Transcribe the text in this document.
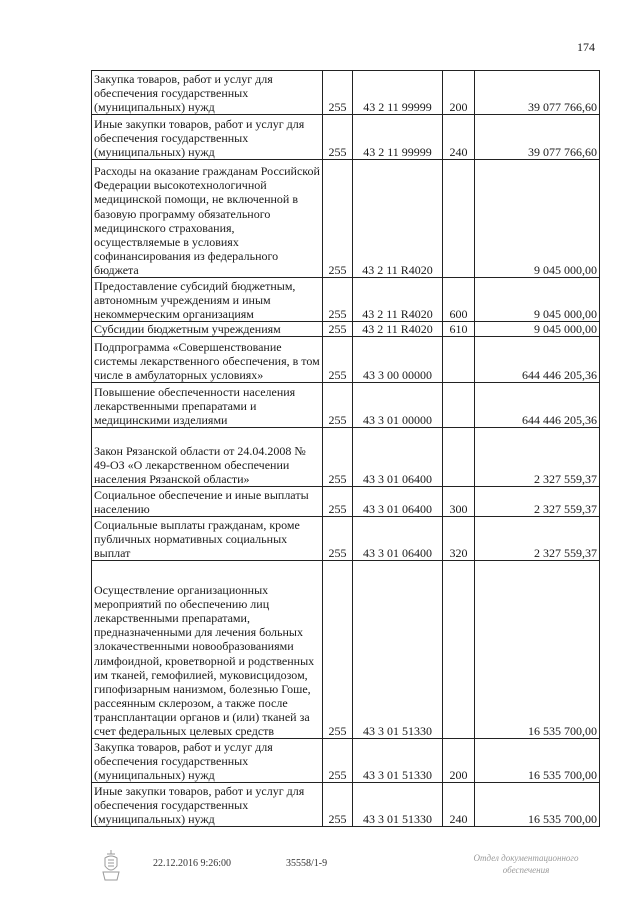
174
Закупка товаров, работ и услуг для обеспечения государственных (муниципальных) нужд	255	43 2 11 99999	200	39 077 766,60
Иные закупки товаров, работ и услуг для обеспечения государственных (муниципальных) нужд	255	43 2 11 99999	240	39 077 766,60
Расходы на оказание гражданам Российской Федерации высокотехнологичной медицинской помощи, не включенной в базовую программу обязательного медицинского страхования, осуществляемые в условиях софинансирования из федерального бюджета	255	43 2 11 R4020		9 045 000,00
Предоставление субсидий бюджетным, автономным учреждениям и иным некоммерческим организациям	255	43 2 11 R4020	600	9 045 000,00
Субсидии бюджетным учреждениям	255	43 2 11 R4020	610	9 045 000,00
Подпрограмма «Совершенствование системы лекарственного обеспечения, в том числе в амбулаторных условиях»	255	43 3 00 00000		644 446 205,36
Повышение обеспеченности населения лекарственными препаратами и медицинскими изделиями	255	43 3 01 00000		644 446 205,36
Закон Рязанской области от 24.04.2008 № 49-ОЗ «О лекарственном обеспечении населения Рязанской области»	255	43 3 01 06400		2 327 559,37
Социальное обеспечение и иные выплаты населению	255	43 3 01 06400	300	2 327 559,37
Социальные выплаты гражданам, кроме публичных нормативных социальных выплат	255	43 3 01 06400	320	2 327 559,37
Осуществление организационных мероприятий по обеспечению лиц лекарственными препаратами, предназначенными для лечения больных злокачественными новообразованиями лимфоидной, кроветворной и родственных им тканей, гемофилией, муковисцидозом, гипофизарным нанизмом, болезнью Гоше, рассеянным склерозом, а также после трансплантации органов и (или) тканей за счет федеральных целевых средств	255	43 3 01 51330		16 535 700,00
Закупка товаров, работ и услуг для обеспечения государственных (муниципальных) нужд	255	43 3 01 51330	200	16 535 700,00
Иные закупки товаров, работ и услуг для обеспечения государственных (муниципальных) нужд	255	43 3 01 51330	240	16 535 700,00
22.12.2016 9:26:00	35558/1-9	Отдел документационного
обеспечения
